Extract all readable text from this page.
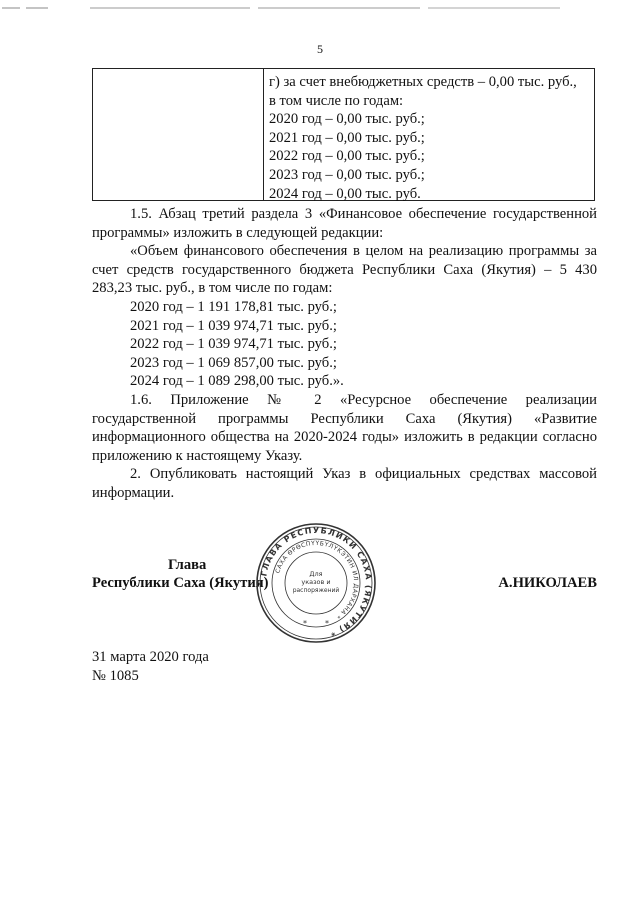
5
г) за счет внебюджетных средств – 0,00 тыс. руб.,
в том числе по годам:
2020 год – 0,00 тыс. руб.;
2021 год – 0,00 тыс. руб.;
2022 год – 0,00 тыс. руб.;
2023 год – 0,00 тыс. руб.;
2024 год – 0,00 тыс. руб.

1.5. Абзац третий раздела 3 «Финансовое обеспечение государственной программы» изложить в следующей редакции:

«Объем финансового обеспечения в целом на реализацию программы за счет средств государственного бюджета Республики Саха (Якутия) – 5 430 283,23 тыс. руб., в том числе по годам:

2020 год – 1 191 178,81 тыс. руб.;
2021 год – 1 039 974,71 тыс. руб.;
2022 год – 1 039 974,71 тыс. руб.;
2023 год – 1 069 857,00 тыс. руб.;
2024 год – 1 089 298,00 тыс. руб.».

1.6. Приложение № 2 «Ресурсное обеспечение реализации государственной программы Республики Саха (Якутия) «Развитие информационного общества на 2020-2024 годы» изложить в редакции согласно приложению к настоящему Указу.

2. Опубликовать настоящий Указ в официальных средствах массовой информации.

Глава
Республики Саха (Якутия)	А.НИКОЛАЕВ
ГЛАВА РЕСПУБЛИКИ САХА (ЯКУТИЯ) *
САХА ӨРӨСПҮҮБҮЛҮКЭТИН ИЛ ДАРХАНА *
Для
указов и
распоряжений
* *
31 марта 2020 года
№ 1085
